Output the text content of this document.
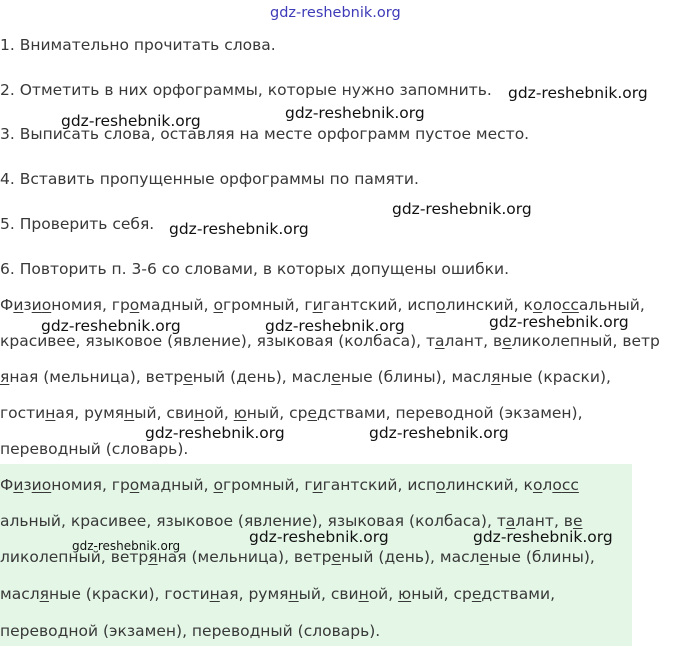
1. Внимательно прочитать слова.
2. Отметить в них орфограммы, которые нужно запомнить.
3. Выписать слова, оставляя на месте орфограмм пустое место.
4. Вставить пропущенные орфограммы по памяти.
5. Проверить себя.
6. Повторить п. 3-6 со словами, в которых допущены ошибки.
Физиономия, громадный, огромный, гигантский, исполинский, колоссальный,
красивее, языковое (явление), языковая (колбаса), талант, великолепный, ветр
яная (мельница), ветреный (день), масленые (блины), масляные (краски),
гостиная, румяный, свиной, юный, средствами, переводной (экзамен),
переводный (словарь).
Физиономия, громадный, огромный, гигантский, исполинский, колосс
альный, красивее, языковое (явление), языковая (колбаса), талант, ве
ликолепный, ветряная (мельница), ветреный (день), масленые (блины),
масляные (краски), гостиная, румяный, свиной, юный, средствами,
переводной (экзамен), переводный (словарь).
gdz-reshebnik.org
gdz-reshebnik.org
gdz-reshebnik.org	gdz-reshebnik.org
gdz-reshebnik.org
gdz-reshebnik.org
gdz-reshebnik.org	gdz-reshebnik.org	gdz-reshebnik.org
gdz-reshebnik.org	gdz-reshebnik.org
gdz-reshebnik.org	gdz-reshebnik.org	gdz-reshebnik.org
